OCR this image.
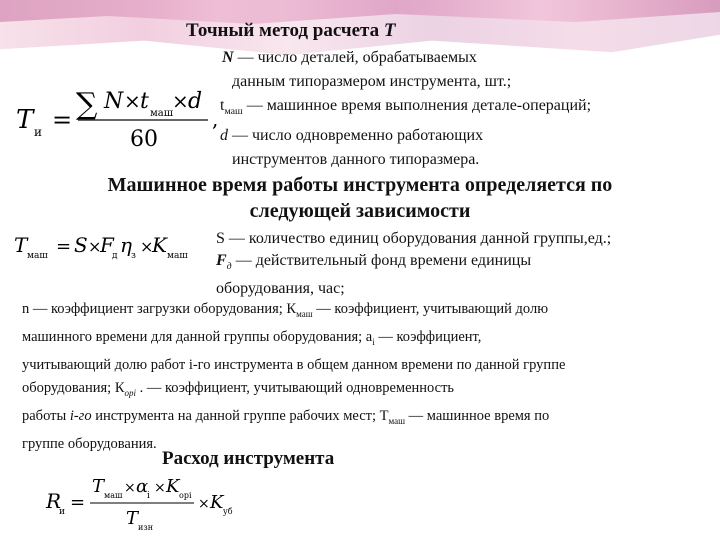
Точный метод расчета T
T и = ∑ N × t маш
× d
60
,
N — число деталей, обрабатываемых
данным типоразмером инструмента, шт.;
$t_{маш}$ — машинное время выполнения детале-операций;
d — число одновременно работающих
инструментов данного типоразмера.
Машинное время работы инструмента определяется по
следующей зависимости
T маш = S ×
F
д η з ×
K маш
S — количество единиц оборудования данной группы,ед.;
$F_д$ — действительный фонд времени единицы
оборудования, час;
n — коэффициент загрузки оборудования; $К_{маш}$ — коэффициент, учитывающий долю
машинного времени для данной группы оборудования; $a_i$ — коэффициент,
учитывающий долю работ i-го инструмента в общем данном времени по данной группе
оборудования; $К_{орi}$ . — коэффициент, учитывающий одновременность
работы i-го инструмента на данной группе рабочих мест; $Т_{маш}$ — машинное время по
группе оборудования.
Расход инструмента
R
и =
T маш × α
i × K орi
T изн
× K уб
